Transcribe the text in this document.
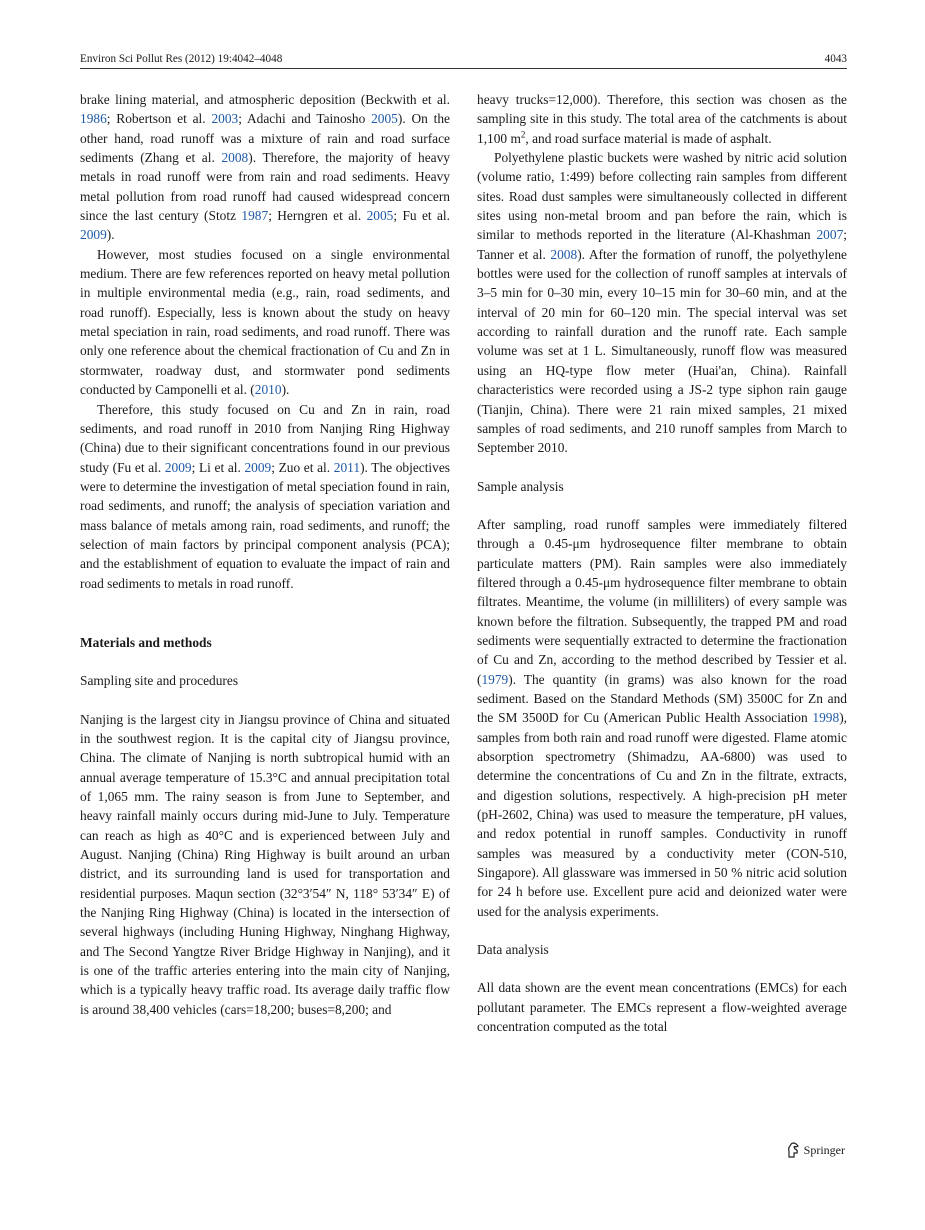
Environ Sci Pollut Res (2012) 19:4042–4048	4043

brake lining material, and atmospheric deposition (Beckwith et al. 1986; Robertson et al. 2003; Adachi and Tainosho 2005). On the other hand, road runoff was a mixture of rain and road surface sediments (Zhang et al. 2008). Therefore, the majority of heavy metals in road runoff were from rain and road sediments. Heavy metal pollution from road runoff had caused widespread concern since the last century (Stotz 1987; Herngren et al. 2005; Fu et al. 2009).

However, most studies focused on a single environmental medium. There are few references reported on heavy metal pollution in multiple environmental media (e.g., rain, road sediments, and road runoff). Especially, less is known about the study on heavy metal speciation in rain, road sediments, and road runoff. There was only one reference about the chemical fractionation of Cu and Zn in stormwater, roadway dust, and stormwater pond sediments conducted by Camponelli et al. (2010).

Therefore, this study focused on Cu and Zn in rain, road sediments, and road runoff in 2010 from Nanjing Ring Highway (China) due to their significant concentrations found in our previous study (Fu et al. 2009; Li et al. 2009; Zuo et al. 2011). The objectives were to determine the investigation of metal speciation found in rain, road sediments, and runoff; the analysis of speciation variation and mass balance of metals among rain, road sediments, and runoff; the selection of main factors by principal component analysis (PCA); and the establishment of equation to evaluate the impact of rain and road sediments to metals in road runoff.

Materials and methods

Sampling site and procedures

Nanjing is the largest city in Jiangsu province of China and situated in the southwest region. It is the capital city of Jiangsu province, China. The climate of Nanjing is north subtropical humid with an annual average temperature of 15.3°C and annual precipitation total of 1,065 mm. The rainy season is from June to September, and heavy rainfall mainly occurs during mid-June to July. Temperature can reach as high as 40°C and is experienced between July and August. Nanjing (China) Ring Highway is built around an urban district, and its surrounding land is used for transportation and residential purposes. Maqun section (32°3′54″ N, 118° 53′34″ E) of the Nanjing Ring Highway (China) is located in the intersection of several highways (including Huning Highway, Ninghang Highway, and The Second Yangtze River Bridge Highway in Nanjing), and it is one of the traffic arteries entering into the main city of Nanjing, which is a typically heavy traffic road. Its average daily traffic flow is around 38,400 vehicles (cars=18,200; buses=8,200; and

heavy trucks=12,000). Therefore, this section was chosen as the sampling site in this study. The total area of the catchments is about 1,100 $m^2$, and road surface material is made of asphalt.

Polyethylene plastic buckets were washed by nitric acid solution (volume ratio, 1:499) before collecting rain samples from different sites. Road dust samples were simultaneously collected in different sites using non-metal broom and pan before the rain, which is similar to methods reported in the literature (Al-Khashman 2007; Tanner et al. 2008). After the formation of runoff, the polyethylene bottles were used for the collection of runoff samples at intervals of 3–5 min for 0–30 min, every 10–15 min for 30–60 min, and at the interval of 20 min for 60–120 min. The special interval was set according to rainfall duration and the runoff rate. Each sample volume was set at 1 L. Simultaneously, runoff flow was measured using an HQ-type flow meter (Huai'an, China). Rainfall characteristics were recorded using a JS-2 type siphon rain gauge (Tianjin, China). There were 21 rain mixed samples, 21 mixed samples of road sediments, and 210 runoff samples from March to September 2010.

Sample analysis

After sampling, road runoff samples were immediately filtered through a 0.45-μm hydrosequence filter membrane to obtain particulate matters (PM). Rain samples were also immediately filtered through a 0.45-μm hydrosequence filter membrane to obtain filtrates. Meantime, the volume (in milliliters) of every sample was known before the filtration. Subsequently, the trapped PM and road sediments were sequentially extracted to determine the fractionation of Cu and Zn, according to the method described by Tessier et al. (1979). The quantity (in grams) was also known for the road sediment. Based on the Standard Methods (SM) 3500C for Zn and the SM 3500D for Cu (American Public Health Association 1998), samples from both rain and road runoff were digested. Flame atomic absorption spectrometry (Shimadzu, AA-6800) was used to determine the concentrations of Cu and Zn in the filtrate, extracts, and digestion solutions, respectively. A high-precision pH meter (pH-2602, China) was used to measure the temperature, pH values, and redox potential in runoff samples. Conductivity in runoff samples was measured by a conductivity meter (CON-510, Singapore). All glassware was immersed in 50 % nitric acid solution for 24 h before use. Excellent pure acid and deionized water were used for the analysis experiments.

Data analysis

All data shown are the event mean concentrations (EMCs) for each pollutant parameter. The EMCs represent a flow-weighted average concentration computed as the total

Springer
